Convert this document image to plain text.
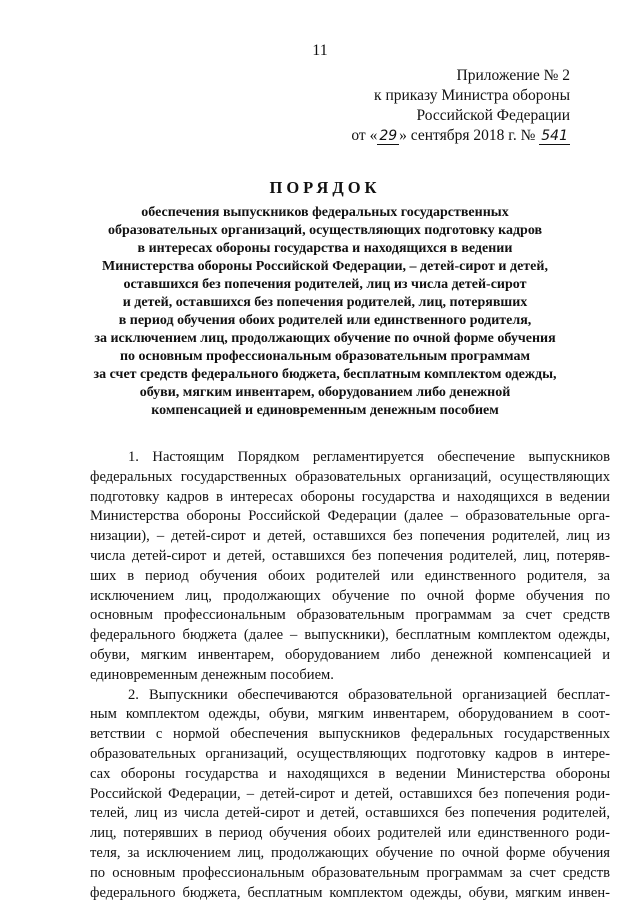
11
Приложение № 2
к приказу Министра обороны
Российской Федерации
от « 29 » сентября 2018 г. № 541
ПОРЯДОК
обеспечения выпускников федеральных государственных
образовательных организаций, осуществляющих подготовку кадров
в интересах обороны государства и находящихся в ведении
Министерства обороны Российской Федерации, – детей-сирот и детей,
оставшихся без попечения родителей, лиц из числа детей-сирот
и детей, оставшихся без попечения родителей, лиц, потерявших
в период обучения обоих родителей или единственного родителя,
за исключением лиц, продолжающих обучение по очной форме обучения
по основным профессиональным образовательным программам
за счет средств федерального бюджета, бесплатным комплектом одежды,
обуви, мягким инвентарем, оборудованием либо денежной
компенсацией и единовременным денежным пособием
1. Настоящим Порядком регламентируется обеспечение выпускников
федеральных государственных образовательных организаций, осуществляющих
подготовку кадров в интересах обороны государства и находящихся в ведении
Министерства обороны Российской Федерации (далее – образовательные орга-
низации), – детей-сирот и детей, оставшихся без попечения родителей, лиц из
числа детей-сирот и детей, оставшихся без попечения родителей, лиц, потеряв-
ших в период обучения обоих родителей или единственного родителя, за
исключением лиц, продолжающих обучение по очной форме обучения по
основным профессиональным образовательным программам за счет средств
федерального бюджета (далее – выпускники), бесплатным комплектом одежды,
обуви, мягким инвентарем, оборудованием либо денежной компенсацией и
единовременным денежным пособием.
2. Выпускники обеспечиваются образовательной организацией бесплат-
ным комплектом одежды, обуви, мягким инвентарем, оборудованием в соот-
ветствии с нормой обеспечения выпускников федеральных государственных
образовательных организаций, осуществляющих подготовку кадров в интере-
сах обороны государства и находящихся в ведении Министерства обороны
Российской Федерации, – детей-сирот и детей, оставшихся без попечения роди-
телей, лиц из числа детей-сирот и детей, оставшихся без попечения родителей,
лиц, потерявших в период обучения обоих родителей или единственного роди-
теля, за исключением лиц, продолжающих обучение по очной форме обучения
по основным профессиональным образовательным программам за счет средств
федерального бюджета, бесплатным комплектом одежды, обуви, мягким инвен-
